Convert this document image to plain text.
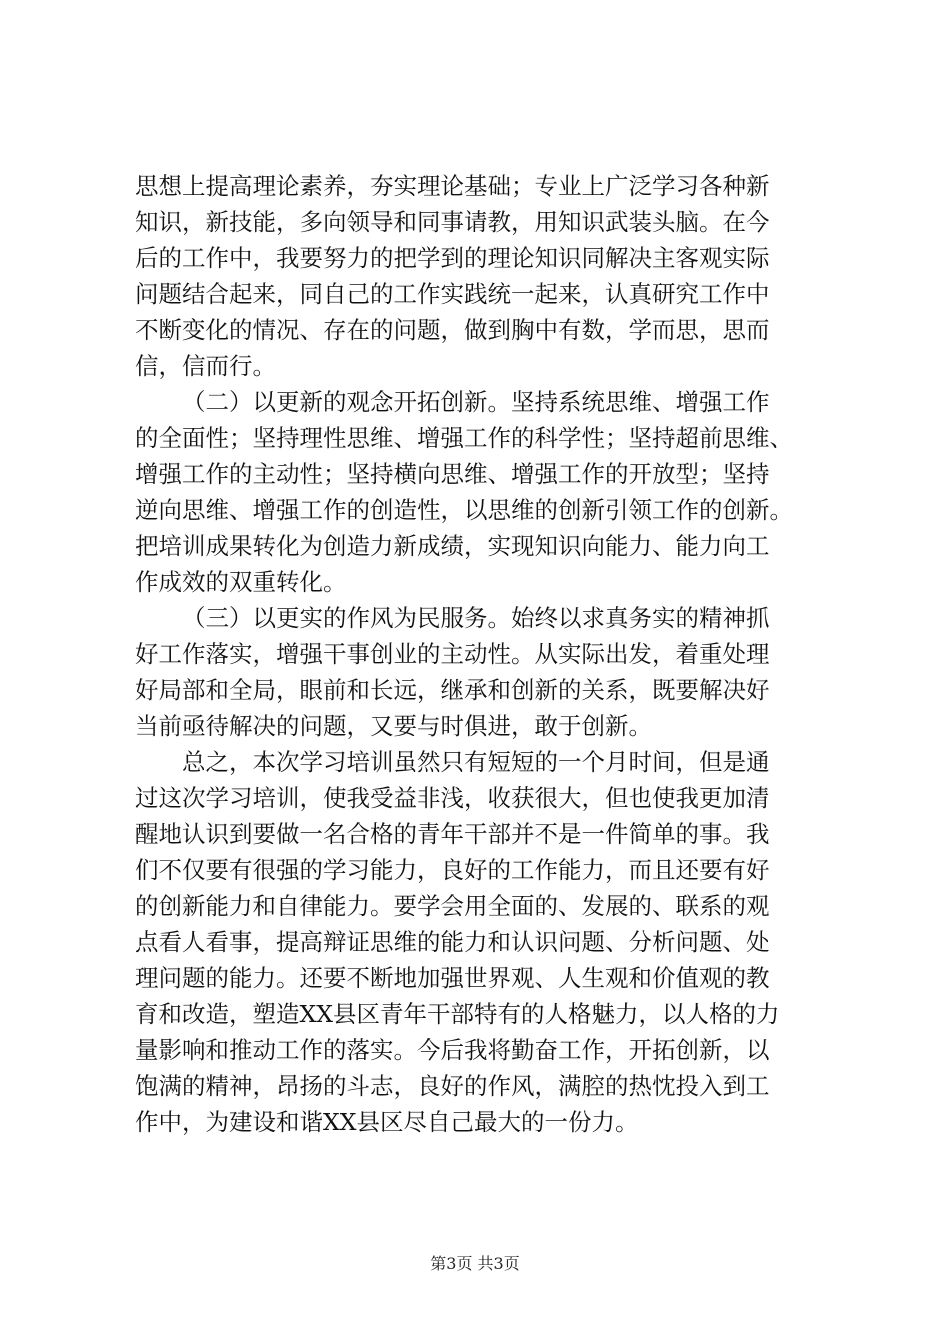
思想上提高理论素养，夯实理论基础；专业上广泛学习各种新
知识，新技能，多向领导和同事请教，用知识武装头脑。在今
后的工作中，我要努力的把学到的理论知识同解决主客观实际
问题结合起来，同自己的工作实践统一起来，认真研究工作中
不断变化的情况、存在的问题，做到胸中有数，学而思，思而
信，信而行。
（二）以更新的观念开拓创新。坚持系统思维、增强工作
的全面性；坚持理性思维、增强工作的科学性；坚持超前思维、
增强工作的主动性；坚持横向思维、增强工作的开放型；坚持
逆向思维、增强工作的创造性，以思维的创新引领工作的创新。
把培训成果转化为创造力新成绩，实现知识向能力、能力向工
作成效的双重转化。
（三）以更实的作风为民服务。始终以求真务实的精神抓
好工作落实，增强干事创业的主动性。从实际出发，着重处理
好局部和全局，眼前和长远，继承和创新的关系，既要解决好
当前亟待解决的问题，又要与时俱进，敢于创新。
总之，本次学习培训虽然只有短短的一个月时间，但是通
过这次学习培训，使我受益非浅，收获很大，但也使我更加清
醒地认识到要做一名合格的青年干部并不是一件简单的事。我
们不仅要有很强的学习能力，良好的工作能力，而且还要有好
的创新能力和自律能力。要学会用全面的、发展的、联系的观
点看人看事，提高辩证思维的能力和认识问题、分析问题、处
理问题的能力。还要不断地加强世界观、人生观和价值观的教
育和改造，塑造XX县区青年干部特有的人格魅力，以人格的力
量影响和推动工作的落实。今后我将勤奋工作，开拓创新，以
饱满的精神，昂扬的斗志，良好的作风，满腔的热忱投入到工
作中，为建设和谐XX县区尽自己最大的一份力。
第3页 共3页
